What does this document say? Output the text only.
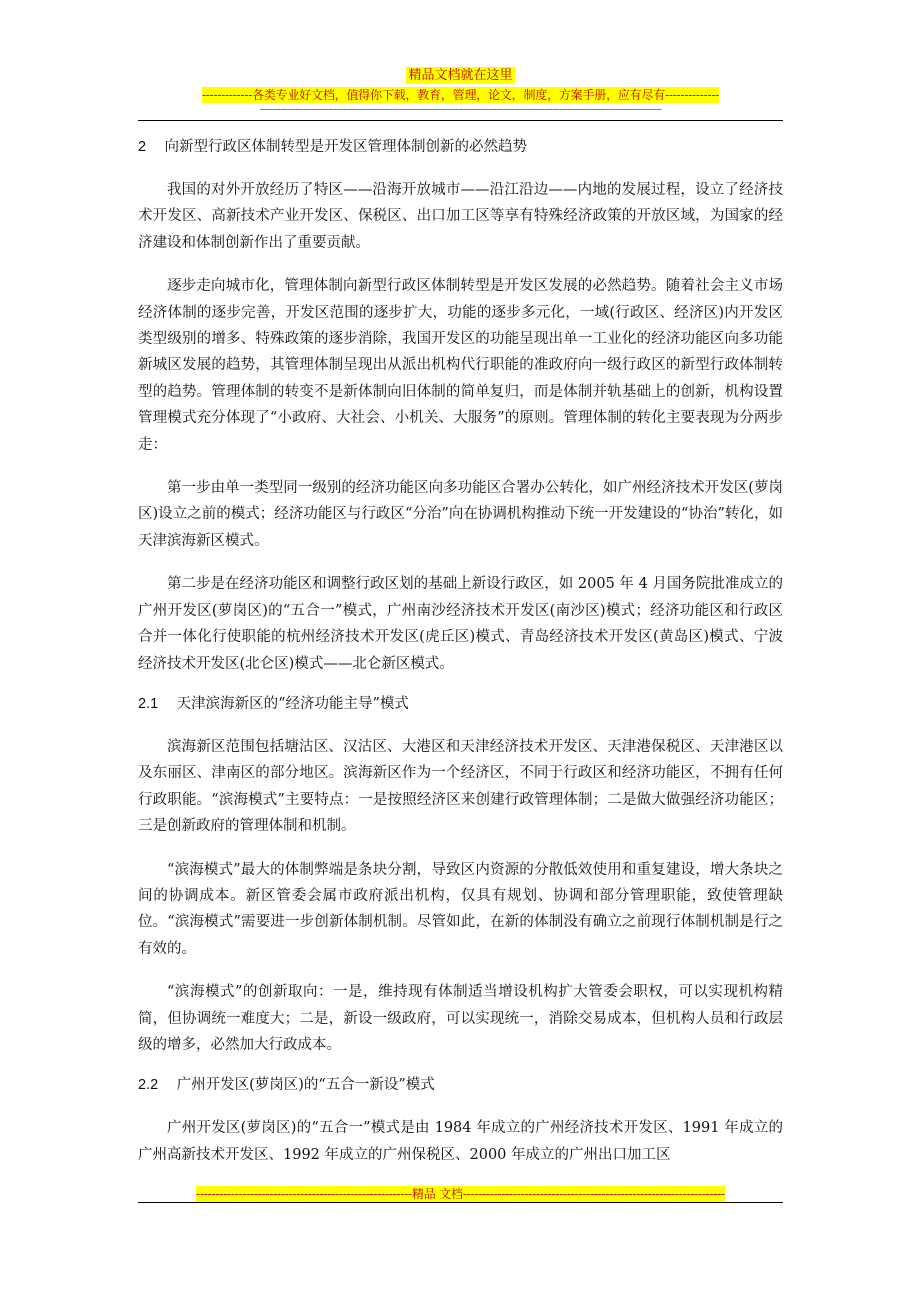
精品文档就在这里
-------------各类专业好文档，值得你下载，教育，管理，论文，制度，方案手册，应有尽有--------------
--------------------------------------------------------------------------------------------------------------------------------------------------------------
2 向新型行政区体制转型是开发区管理体制创新的必然趋势

我国的对外开放经历了特区——沿海开放城市——沿江沿边——内地的发展过程，设立了经济技术开发区、高新技术产业开发区、保税区、出口加工区等享有特殊经济政策的开放区域，为国家的经济建设和体制创新作出了重要贡献。

逐步走向城市化，管理体制向新型行政区体制转型是开发区发展的必然趋势。随着社会主义市场经济体制的逐步完善，开发区范围的逐步扩大，功能的逐步多元化，一域(行政区、经济区)内开发区类型级别的增多、特殊政策的逐步消除，我国开发区的功能呈现出单一工业化的经济功能区向多功能新城区发展的趋势，其管理体制呈现出从派出机构代行职能的准政府向一级行政区的新型行政体制转型的趋势。管理体制的转变不是新体制向旧体制的简单复归，而是体制并轨基础上的创新，机构设置管理模式充分体现了“小政府、大社会、小机关、大服务”的原则。管理体制的转化主要表现为分两步走：

第一步由单一类型同一级别的经济功能区向多功能区合署办公转化，如广州经济技术开发区(萝岗区)设立之前的模式；经济功能区与行政区“分治”向在协调机构推动下统一开发建设的“协治”转化，如天津滨海新区模式。

第二步是在经济功能区和调整行政区划的基础上新设行政区，如 2005 年 4 月国务院批准成立的广州开发区(萝岗区)的“五合一”模式，广州南沙经济技术开发区(南沙区)模式；经济功能区和行政区合并一体化行使职能的杭州经济技术开发区(虎丘区)模式、青岛经济技术开发区(黄岛区)模式、宁波经济技术开发区(北仑区)模式——北仑新区模式。

2.1 天津滨海新区的“经济功能主导”模式

滨海新区范围包括塘沽区、汉沽区、大港区和天津经济技术开发区、天津港保税区、天津港区以及东丽区、津南区的部分地区。滨海新区作为一个经济区，不同于行政区和经济功能区，不拥有任何行政职能。“滨海模式”主要特点：一是按照经济区来创建行政管理体制；二是做大做强经济功能区；三是创新政府的管理体制和机制。

“滨海模式”最大的体制弊端是条块分割，导致区内资源的分散低效使用和重复建设，增大条块之间的协调成本。新区管委会属市政府派出机构，仅具有规划、协调和部分管理职能，致使管理缺位。“滨海模式”需要进一步创新体制机制。尽管如此，在新的体制没有确立之前现行体制机制是行之有效的。

“滨海模式”的创新取向：一是，维持现有体制适当增设机构扩大管委会职权，可以实现机构精简，但协调统一难度大；二是，新设一级政府，可以实现统一，消除交易成本，但机构人员和行政层级的增多，必然加大行政成本。

2.2 广州开发区(萝岗区)的“五合一新设”模式

广州开发区(萝岗区)的“五合一”模式是由 1984 年成立的广州经济技术开发区、1991 年成立的广州高新技术开发区、1992 年成立的广州保税区、2000 年成立的广州出口加工区

--------------------------------------------------------精品 文档--------------------------------------------------------------------
